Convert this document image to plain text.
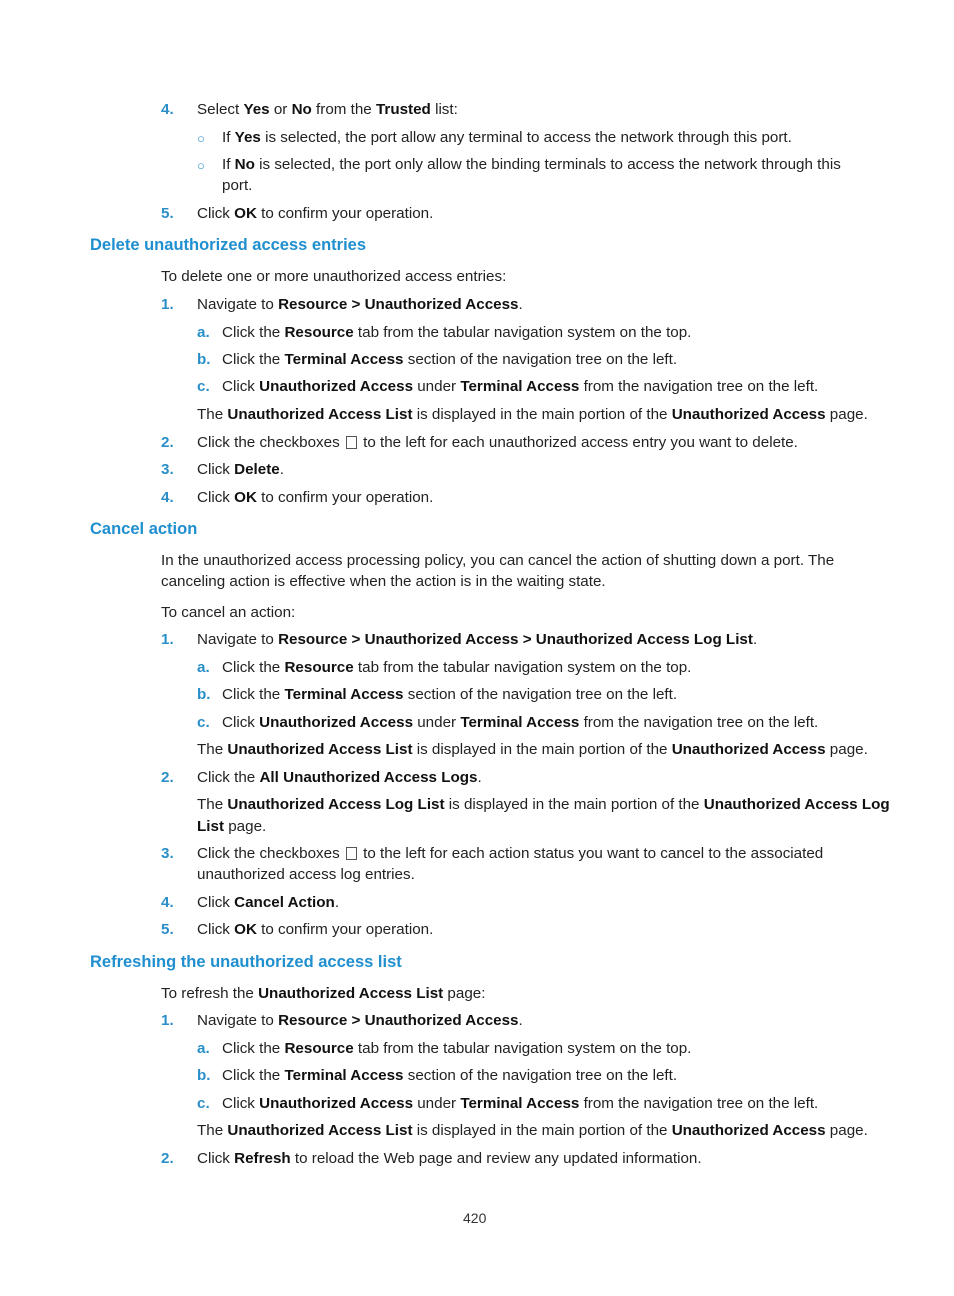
4.	Select Yes or No from the Trusted list:
○ If Yes is selected, the port allow any terminal to access the network through this port.
○ If No is selected, the port only allow the binding terminals to access the network through this
port.
5.	Click OK to confirm your operation.
Delete unauthorized access entries
To delete one or more unauthorized access entries:
1.	Navigate to Resource > Unauthorized Access.
a. Click the Resource tab from the tabular navigation system on the top.
b. Click the Terminal Access section of the navigation tree on the left.
c. Click Unauthorized Access under Terminal Access from the navigation tree on the left.
The Unauthorized Access List is displayed in the main portion of the Unauthorized Access page.
2.	Click the checkboxes  to the left for each unauthorized access entry you want to delete.
3.	Click Delete.
4.	Click OK to confirm your operation.
Cancel action
In the unauthorized access processing policy, you can cancel the action of shutting down a port. The
canceling action is effective when the action is in the waiting state.
To cancel an action:
1.	Navigate to Resource > Unauthorized Access > Unauthorized Access Log List.
a. Click the Resource tab from the tabular navigation system on the top.
b. Click the Terminal Access section of the navigation tree on the left.
c. Click Unauthorized Access under Terminal Access from the navigation tree on the left.
The Unauthorized Access List is displayed in the main portion of the Unauthorized Access page.
2.	Click the All Unauthorized Access Logs.
The Unauthorized Access Log List is displayed in the main portion of the Unauthorized Access Log
List page.
3.	Click the checkboxes  to the left for each action status you want to cancel to the associated
unauthorized access log entries.
4.	Click Cancel Action.
5.	Click OK to confirm your operation.
Refreshing the unauthorized access list
To refresh the Unauthorized Access List page:
1.	Navigate to Resource > Unauthorized Access.
a. Click the Resource tab from the tabular navigation system on the top.
b. Click the Terminal Access section of the navigation tree on the left.
c. Click Unauthorized Access under Terminal Access from the navigation tree on the left.
The Unauthorized Access List is displayed in the main portion of the Unauthorized Access page.
2.	Click Refresh to reload the Web page and review any updated information.
420
